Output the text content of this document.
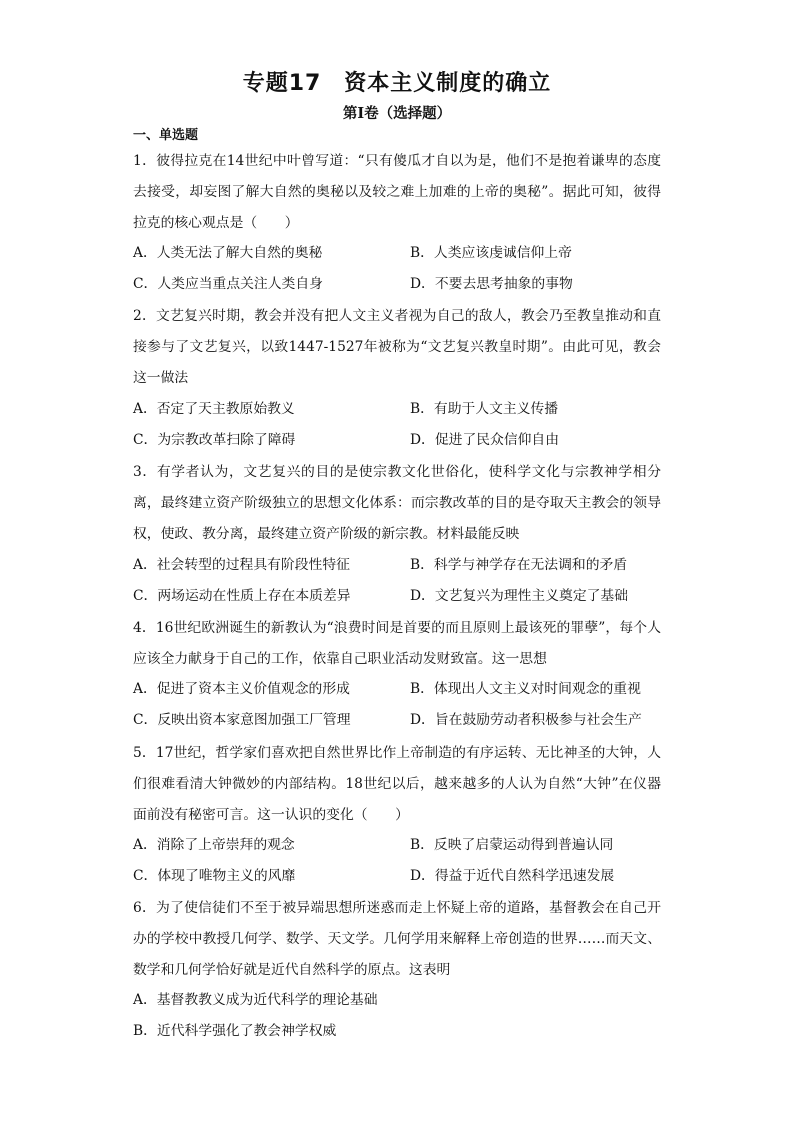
专题17　资本主义制度的确立
第I卷（选择题）
一、单选题
1．彼得拉克在14世纪中叶曾写道：“只有傻瓜才自以为是，他们不是抱着谦卑的态度去接受，却妄图了解大自然的奥秘以及较之难上加难的上帝的奥秘”。据此可知，彼得拉克的核心观点是（　　）
A．人类无法了解大自然的奥秘	B．人类应该虔诚信仰上帝
C．人类应当重点关注人类自身	D．不要去思考抽象的事物
2．文艺复兴时期，教会并没有把人文主义者视为自己的敌人，教会乃至教皇推动和直接参与了文艺复兴，以致1447-1527年被称为“文艺复兴教皇时期”。由此可见，教会这一做法
A．否定了天主教原始教义	B．有助于人文主义传播
C．为宗教改革扫除了障碍	D．促进了民众信仰自由
3．有学者认为，文艺复兴的目的是使宗教文化世俗化，使科学文化与宗教神学相分离，最终建立资产阶级独立的思想文化体系：而宗教改革的目的是夺取天主教会的领导权，使政、教分离，最终建立资产阶级的新宗教。材料最能反映
A．社会转型的过程具有阶段性特征	B．科学与神学存在无法调和的矛盾
C．两场运动在性质上存在本质差异	D．文艺复兴为理性主义奠定了基础
4．16世纪欧洲诞生的新教认为“浪费时间是首要的而且原则上最该死的罪孽”，每个人应该全力献身于自己的工作，依靠自己职业活动发财致富。这一思想
A．促进了资本主义价值观念的形成	B．体现出人文主义对时间观念的重视
C．反映出资本家意图加强工厂管理	D．旨在鼓励劳动者积极参与社会生产
5．17世纪，哲学家们喜欢把自然世界比作上帝制造的有序运转、无比神圣的大钟，人们很难看清大钟微妙的内部结构。18世纪以后，越来越多的人认为自然“大钟”在仪器面前没有秘密可言。这一认识的变化（　　）
A．消除了上帝崇拜的观念	B．反映了启蒙运动得到普遍认同
C．体现了唯物主义的风靡	D．得益于近代自然科学迅速发展
6．为了使信徒们不至于被异端思想所迷惑而走上怀疑上帝的道路，基督教会在自己开办的学校中教授几何学、数学、天文学。几何学用来解释上帝创造的世界……而天文、数学和几何学恰好就是近代自然科学的原点。这表明
A．基督教教义成为近代科学的理论基础
B．近代科学强化了教会神学权威
